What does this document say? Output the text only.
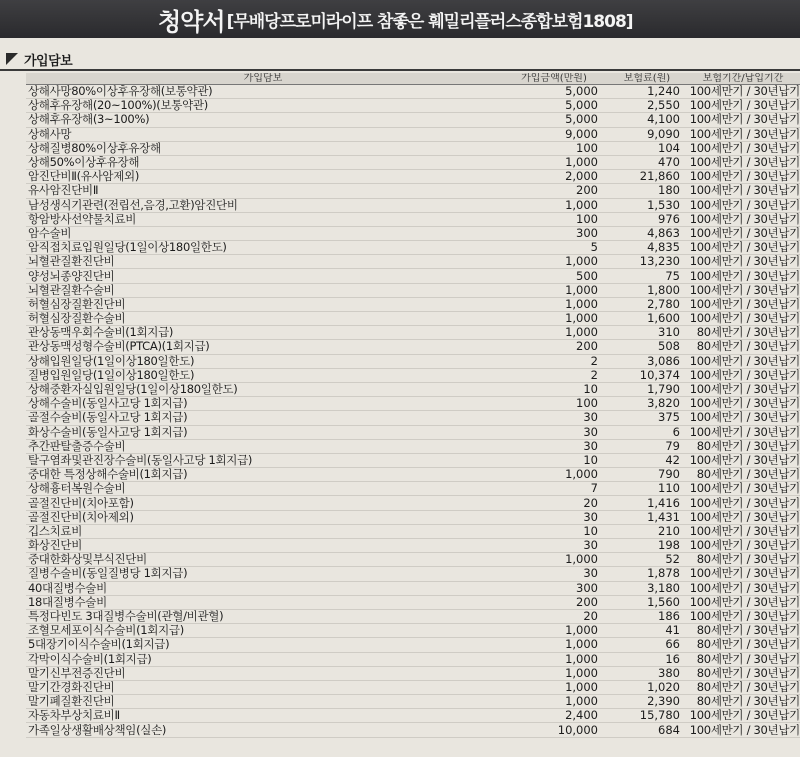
청약서 [무배당프로미라이프 참좋은 훼밀리플러스종합보험1808]
가입담보
가입담보	가입금액(만원)	보험료(원)	보험기간/납입기간
상해사망80%이상후유장해(보통약관)	5,000	1,240	100세만기 / 30년납기
상해후유장해(20~100%)(보통약관)	5,000	2,550	100세만기 / 30년납기
상해후유장해(3~100%)	5,000	4,100	100세만기 / 30년납기
상해사망	9,000	9,090	100세만기 / 30년납기
상해질병80%이상후유장해	100	104	100세만기 / 30년납기
상해50%이상후유장해	1,000	470	100세만기 / 30년납기
암진단비Ⅱ(유사암제외)	2,000	21,860	100세만기 / 30년납기
유사암진단비Ⅱ	200	180	100세만기 / 30년납기
남성생식기관련(전립선,음경,고환)암진단비	1,000	1,530	100세만기 / 30년납기
항암방사선약물치료비	100	976	100세만기 / 30년납기
암수술비	300	4,863	100세만기 / 30년납기
암직접치료입원일당(1일이상180일한도)	5	4,835	100세만기 / 30년납기
뇌혈관질환진단비	1,000	13,230	100세만기 / 30년납기
양성뇌종양진단비	500	75	100세만기 / 30년납기
뇌혈관질환수술비	1,000	1,800	100세만기 / 30년납기
허혈심장질환진단비	1,000	2,780	100세만기 / 30년납기
허혈심장질환수술비	1,000	1,600	100세만기 / 30년납기
관상동맥우회수술비(1회지급)	1,000	310	80세만기 / 30년납기
관상동맥성형수술비(PTCA)(1회지급)	200	508	80세만기 / 30년납기
상해입원일당(1일이상180일한도)	2	3,086	100세만기 / 30년납기
질병입원일당(1일이상180일한도)	2	10,374	100세만기 / 30년납기
상해중환자실입원일당(1일이상180일한도)	10	1,790	100세만기 / 30년납기
상해수술비(동일사고당 1회지급)	100	3,820	100세만기 / 30년납기
골절수술비(동일사고당 1회지급)	30	375	100세만기 / 30년납기
화상수술비(동일사고당 1회지급)	30	6	100세만기 / 30년납기
추간판탈출증수술비	30	79	80세만기 / 30년납기
탈구염좌및관진장수술비(동일사고당 1회지급)	10	42	100세만기 / 30년납기
중대한 특정상해수술비(1회지급)	1,000	790	80세만기 / 30년납기
상해흉터복원수술비	7	110	100세만기 / 30년납기
골절진단비(치아포함)	20	1,416	100세만기 / 30년납기
골절진단비(치아제외)	30	1,431	100세만기 / 30년납기
깁스치료비	10	210	100세만기 / 30년납기
화상진단비	30	198	100세만기 / 30년납기
중대한화상및부식진단비	1,000	52	80세만기 / 30년납기
질병수술비(동일질병당 1회지급)	30	1,878	100세만기 / 30년납기
40대질병수술비	300	3,180	100세만기 / 30년납기
18대질병수술비	200	1,560	100세만기 / 30년납기
특정다빈도 3대질병수술비(관혈/비관혈)	20	186	100세만기 / 30년납기
조혈모세포이식수술비(1회지급)	1,000	41	80세만기 / 30년납기
5대장기이식수술비(1회지급)	1,000	66	80세만기 / 30년납기
각막이식수술비(1회지급)	1,000	16	80세만기 / 30년납기
말기신부전증진단비	1,000	380	80세만기 / 30년납기
말기간경화진단비	1,000	1,020	80세만기 / 30년납기
말기폐질환진단비	1,000	2,390	80세만기 / 30년납기
자동차부상치료비Ⅱ	2,400	15,780	100세만기 / 30년납기
가족일상생활배상책임(실손)	10,000	684	100세만기 / 30년납기
